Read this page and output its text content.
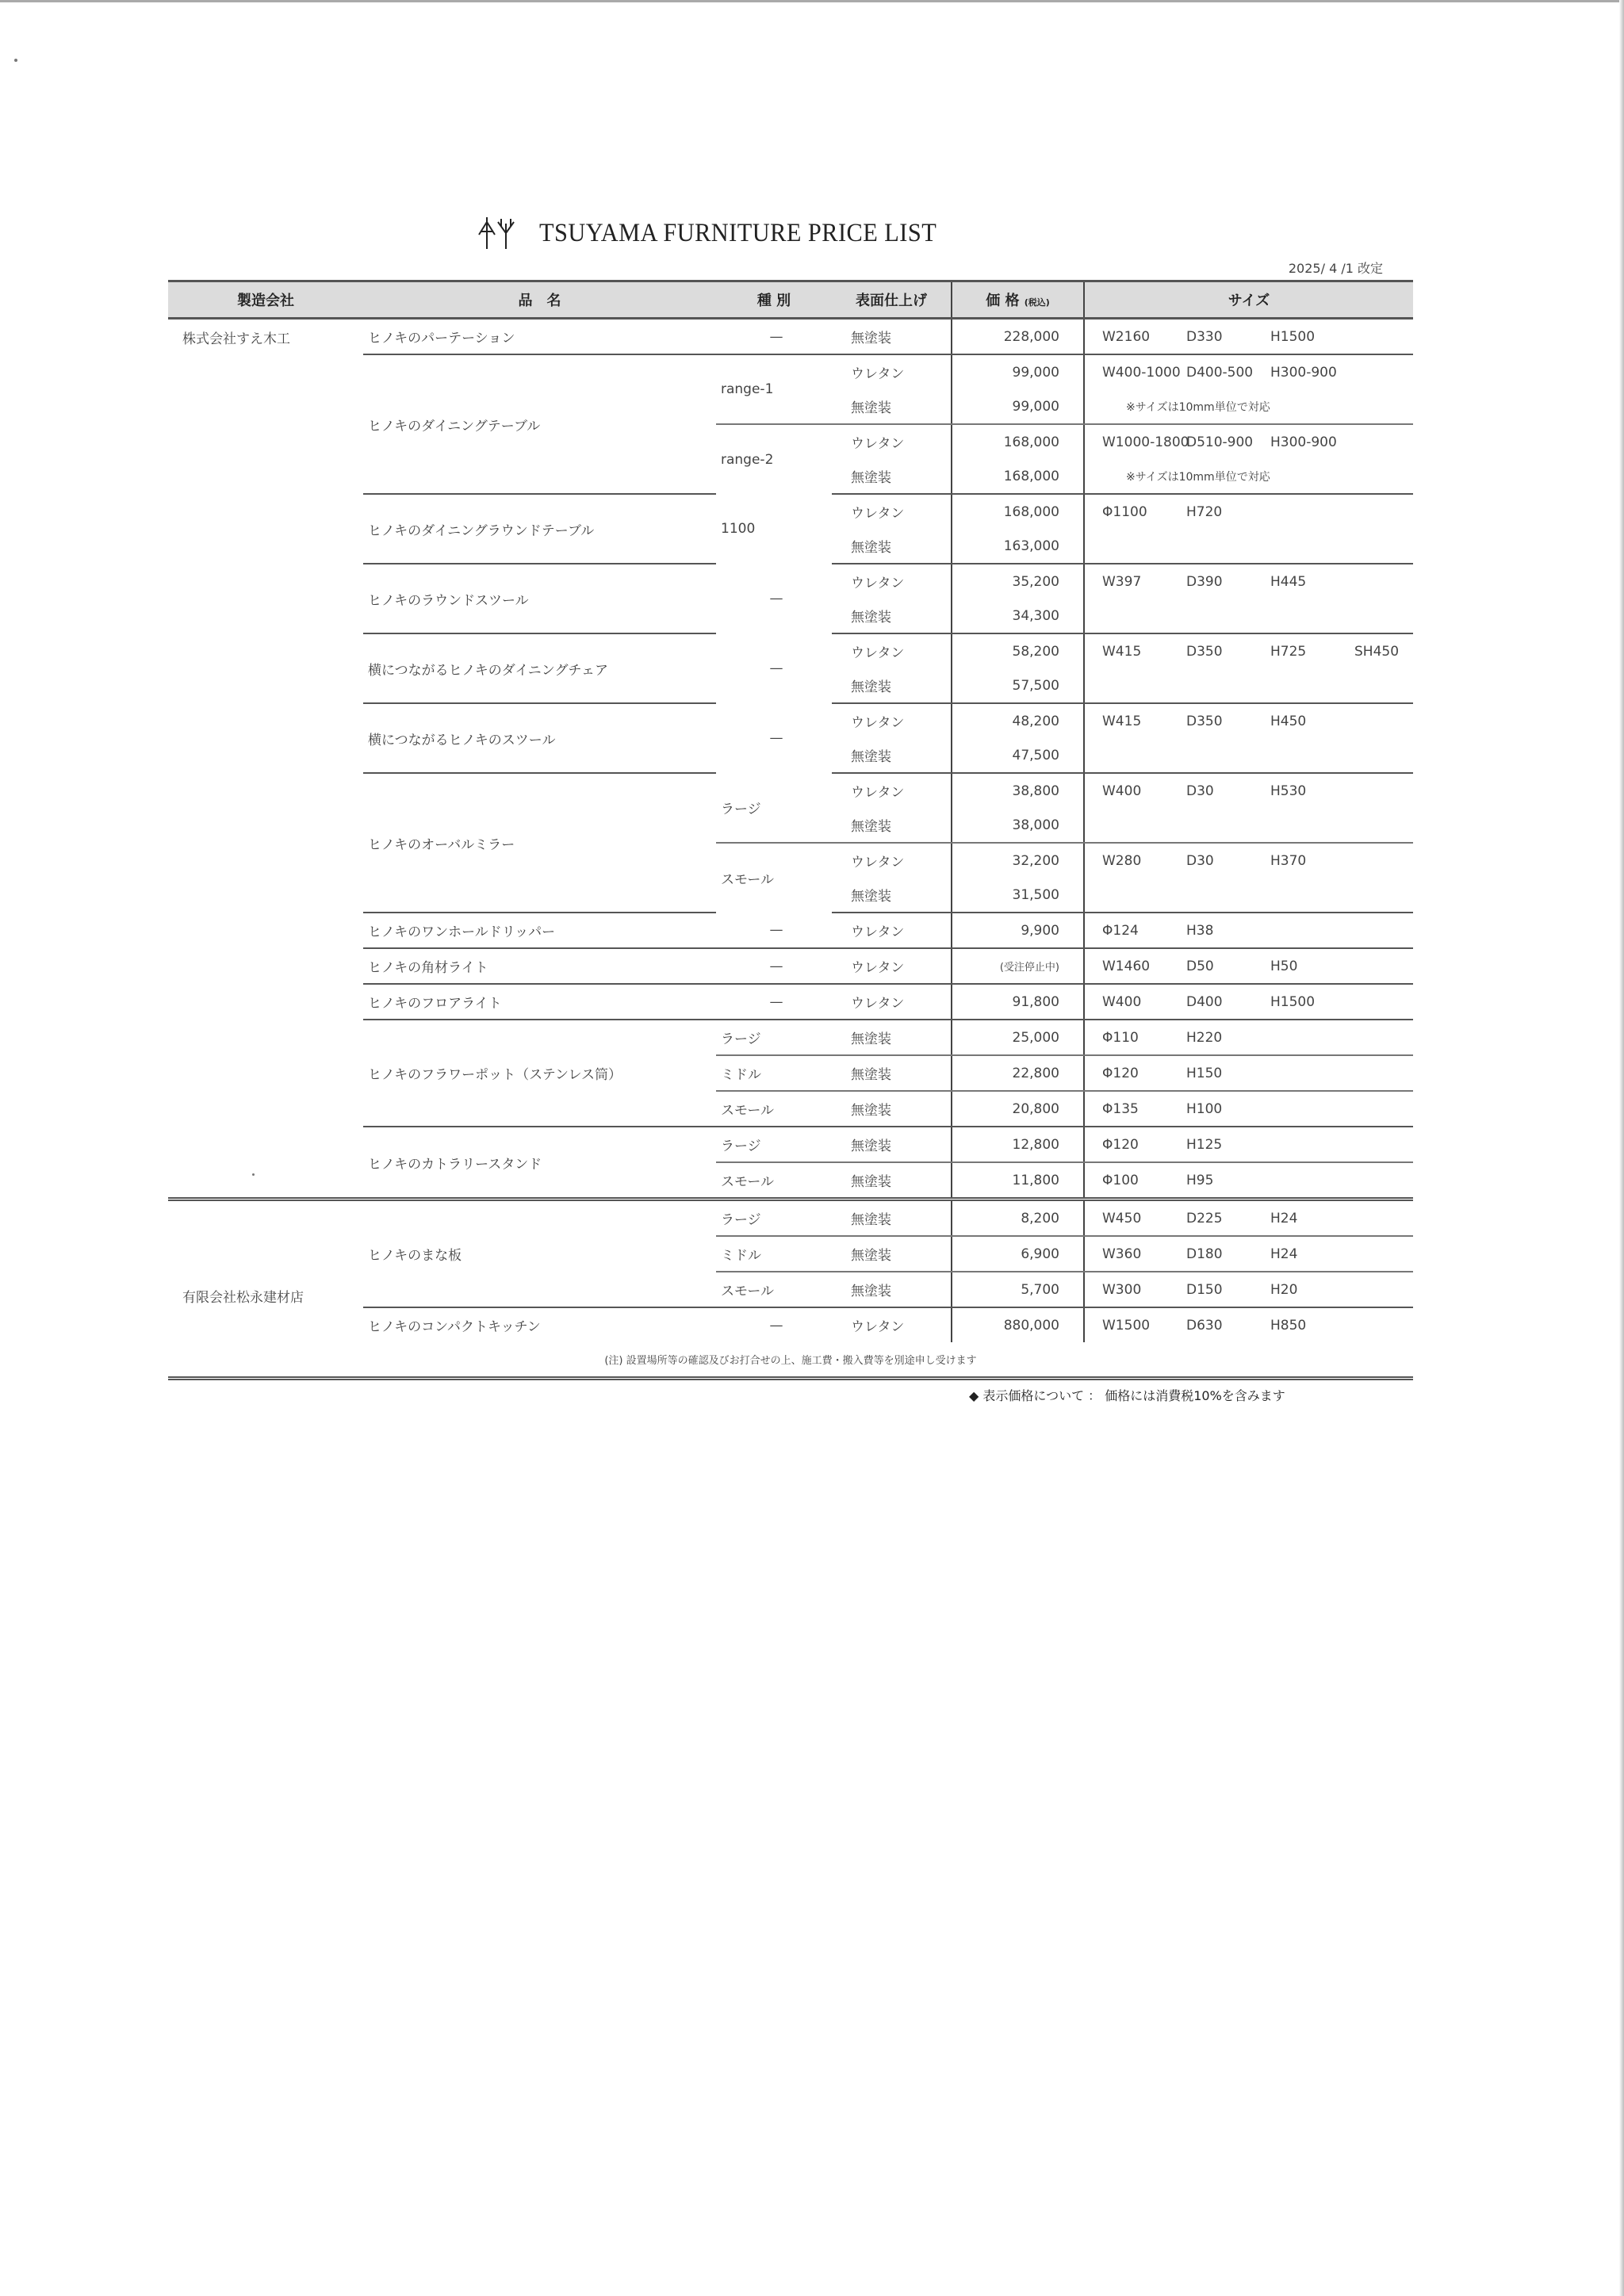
TSUYAMA FURNITURE PRICE LIST
2025/ 4 /1 改定
製造会社	品　名	種 別	表面仕上げ	価 格 (税込)	サイズ
株式会社すえ木工	ヒノキのパーテーション	—	無塗装	228,000	W2160 D330 H1500
	ヒノキのダイニングテーブル	range-1	ウレタン	99,000	W400-1000 D400-500 H300-900
			無塗装	99,000	※サイズは10mm単位で対応
		range-2	ウレタン	168,000	W1000-1800D510-900 H300-900
			無塗装	168,000	※サイズは10mm単位で対応
	ヒノキのダイニングラウンドテーブル	1100	ウレタン	168,000	Φ1100 H720
			無塗装	163,000	
	ヒノキのラウンドスツール	—	ウレタン	35,200	W397 D390 H445
			無塗装	34,300	
	横につながるヒノキのダイニングチェア	—	ウレタン	58,200	W415 D350 H725 SH450
			無塗装	57,500	
	横につながるヒノキのスツール	—	ウレタン	48,200	W415 D350 H450
			無塗装	47,500	
	ヒノキのオーバルミラー	ラージ	ウレタン	38,800	W400 D30 H530
			無塗装	38,000	
		スモール	ウレタン	32,200	W280 D30 H370
			無塗装	31,500	
	ヒノキのワンホールドリッパー	—	ウレタン	9,900	Φ124 H38
	ヒノキの角材ライト	—	ウレタン	(受注停止中)	W1460 D50 H50
	ヒノキのフロアライト	—	ウレタン	91,800	W400 D400 H1500
	ヒノキのフラワーポット（ステンレス筒）	ラージ	無塗装	25,000	Φ110 H220
		ミドル	無塗装	22,800	Φ120 H150
		スモール	無塗装	20,800	Φ135 H100
	ヒノキのカトラリースタンド	ラージ	無塗装	12,800	Φ120 H125
		スモール	無塗装	11,800	Φ100 H95
有限会社松永建材店	ヒノキのまな板	ラージ	無塗装	8,200	W450 D225 H24
		ミドル	無塗装	6,900	W360 D180 H24
		スモール	無塗装	5,700	W300 D150 H20
	ヒノキのコンパクトキッチン	—	ウレタン	880,000	W1500 D630 H850
(注) 設置場所等の確認及びお打合せの上、施工費・搬入費等を別途申し受けます					
◆ 表示価格について ： 価格には消費税10%を含みます
